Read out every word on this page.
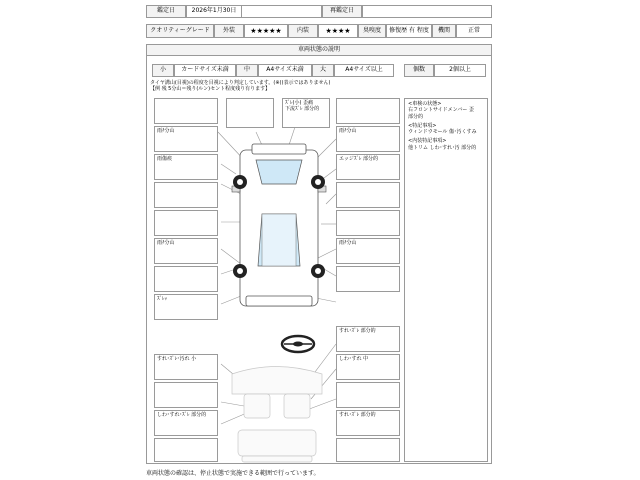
鑑定日	2026年1月30日	再鑑定日
クオリティーグレード	外装	★★★★★	内装	★★★★	臭嗅度	修復歴 有 程度	機関	正常
車両状態の説明
小	カードサイズ未満	中	A4サイズ未満	大	A4サイズ以上	個数	2個以上
タイヤ溝山(目視)の程度を目視により判定しています。(※()表示ではありません)
【例 残 5分山＝残り(ルン)セント程度残り有ります】
雨ﾁ分山
雨傷痕
雨ﾁ分山
ｽﾞﾚｯ
ｽﾞﾚ(小) 歪痛
下流ｽﾞﾚ 部分的
雨ﾁ分山
エッジｽﾞﾚ 部分的
雨ﾁ分山
すれ･ｽﾞﾚ 部分的
すれ･ｽﾞﾚ･汚れ 小	しわ･すれ 中
しわ･すれ･ｽﾞﾚ 部分的	すれ･ｽﾞﾚ 部分的
<車検の状態>
右フロントサイドメンバー 歪
部分的
<特記事項>
ウィンドウモール 傷･汚くすみ
<内装特記事項>
他トリム しわ･すれ･汚 部分的
車両状態の確認は、停止状態で実施できる範囲で行っています。
